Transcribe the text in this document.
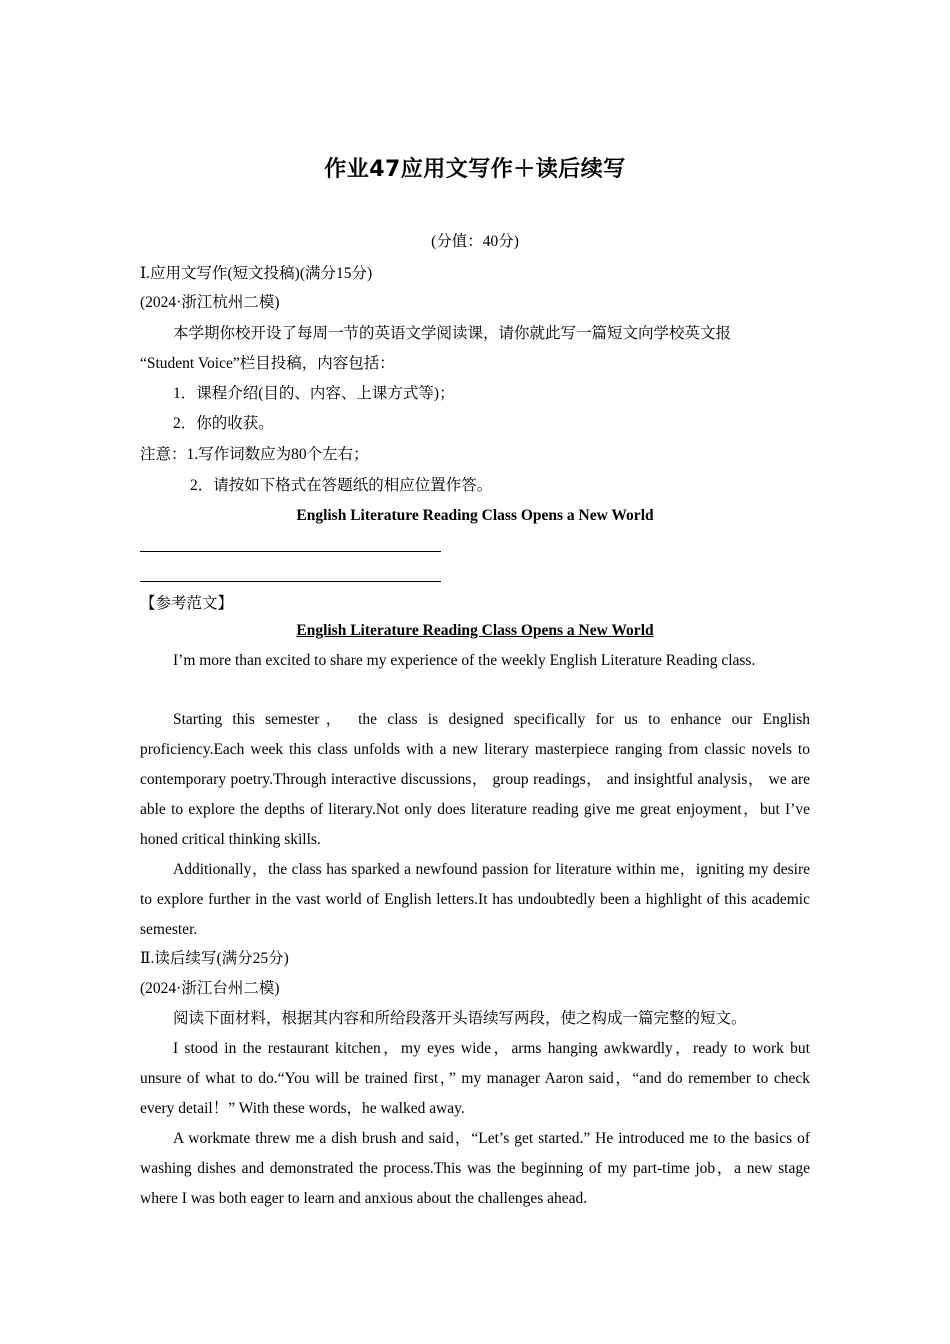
作业47应用文写作＋读后续写
(分值：40分)
Ⅰ.应用文写作(短文投稿)(满分15分)
(2024·浙江杭州二模)
本学期你校开设了每周一节的英语文学阅读课，请你就此写一篇短文向学校英文报
“Student Voice”栏目投稿，内容包括：
1．课程介绍(目的、内容、上课方式等)；
2．你的收获。
注意：1.写作词数应为80个左右；
2．请按如下格式在答题纸的相应位置作答。
English Literature Reading Class Opens a New World
【参考范文】
English Literature Reading Class Opens a New World
I’m more than excited to share my experience of the weekly English Literature Reading class.
Starting this semester， the class is designed specifically for us to enhance our English proficiency.Each week this class unfolds with a new literary masterpiece ranging from classic novels to contemporary poetry.Through interactive discussions， group readings， and insightful analysis， we are able to explore the depths of literary.Not only does literature reading give me great enjoyment，but I’ve honed critical thinking skills.
Additionally，the class has sparked a newfound passion for literature within me，igniting my desire to explore further in the vast world of English letters.It has undoubtedly been a highlight of this academic semester.
Ⅱ.读后续写(满分25分)
(2024·浙江台州二模)
阅读下面材料，根据其内容和所给段落开头语续写两段，使之构成一篇完整的短文。
I stood in the restaurant kitchen，my eyes wide，arms hanging awkwardly，ready to work but unsure of what to do.“You will be trained first，” my manager Aaron said，“and do remember to check every detail！” With these words，he walked away.
A workmate threw me a dish brush and said，“Let’s get started.” He introduced me to the basics of washing dishes and demonstrated the process.This was the beginning of my part-time job，a new stage where I was both eager to learn and anxious about the challenges ahead.
